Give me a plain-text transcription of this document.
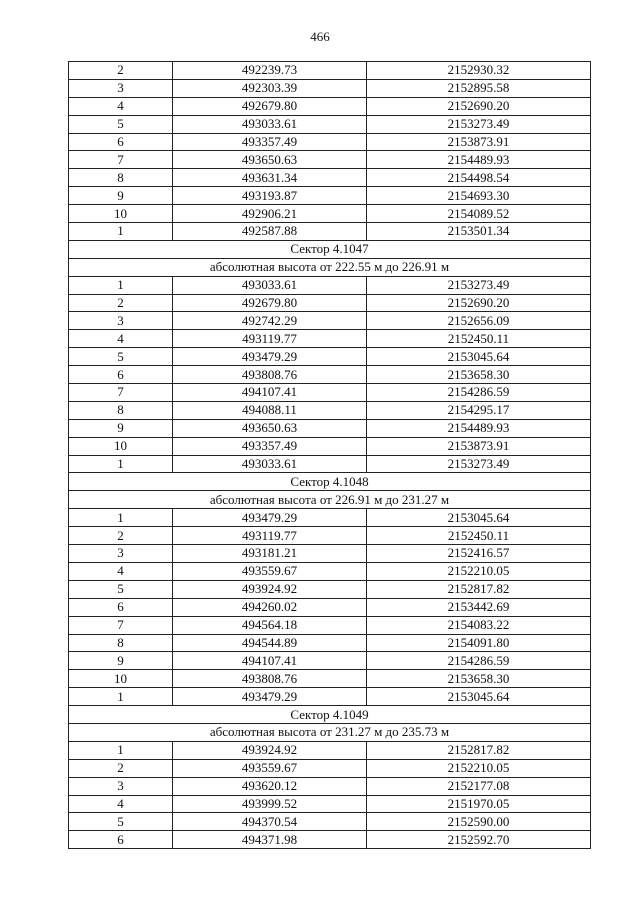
466
2	492239.73	2152930.32
3	492303.39	2152895.58
4	492679.80	2152690.20
5	493033.61	2153273.49
6	493357.49	2153873.91
7	493650.63	2154489.93
8	493631.34	2154498.54
9	493193.87	2154693.30
10	492906.21	2154089.52
1	492587.88	2153501.34
Сектор 4.1047		
абсолютная высота от 222.55 м до 226.91 м		
1	493033.61	2153273.49
2	492679.80	2152690.20
3	492742.29	2152656.09
4	493119.77	2152450.11
5	493479.29	2153045.64
6	493808.76	2153658.30
7	494107.41	2154286.59
8	494088.11	2154295.17
9	493650.63	2154489.93
10	493357.49	2153873.91
1	493033.61	2153273.49
Сектор 4.1048		
абсолютная высота от 226.91 м до 231.27 м		
1	493479.29	2153045.64
2	493119.77	2152450.11
3	493181.21	2152416.57
4	493559.67	2152210.05
5	493924.92	2152817.82
6	494260.02	2153442.69
7	494564.18	2154083.22
8	494544.89	2154091.80
9	494107.41	2154286.59
10	493808.76	2153658.30
1	493479.29	2153045.64
Сектор 4.1049		
абсолютная высота от 231.27 м до 235.73 м		
1	493924.92	2152817.82
2	493559.67	2152210.05
3	493620.12	2152177.08
4	493999.52	2151970.05
5	494370.54	2152590.00
6	494371.98	2152592.70
